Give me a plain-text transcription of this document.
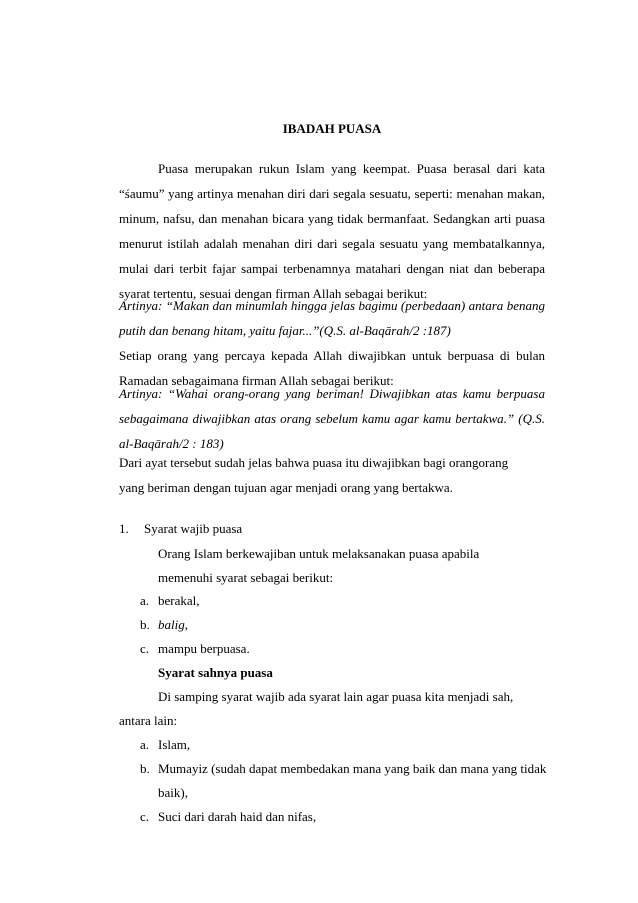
IBADAH PUASA
Puasa merupakan rukun Islam yang keempat. Puasa berasal dari kata
“śaumu” yang artinya menahan diri dari segala sesuatu, seperti: menahan makan,
minum, nafsu, dan menahan bicara yang tidak bermanfaat. Sedangkan arti puasa
menurut istilah adalah menahan diri dari segala sesuatu yang membatalkannya,
mulai dari terbit fajar sampai terbenamnya matahari dengan niat dan beberapa
syarat tertentu, sesuai dengan firman Allah sebagai berikut:
Artinya: “Makan dan minumlah hingga jelas bagimu (perbedaan) antara benang
putih dan benang hitam, yaitu fajar...”(Q.S. al-Baqārah/2 :187)
Setiap orang yang percaya kepada Allah diwajibkan untuk berpuasa di bulan
Ramadan sebagaimana firman Allah sebagai berikut:
Artinya: “Wahai orang-orang yang beriman! Diwajibkan atas kamu berpuasa
sebagaimana diwajibkan atas orang sebelum kamu agar kamu bertakwa.” (Q.S.
al-Baqārah/2 : 183)
Dari ayat tersebut sudah jelas bahwa puasa itu diwajibkan bagi orangorang
yang beriman dengan tujuan agar menjadi orang yang bertakwa.
1. Syarat wajib puasa
Orang Islam berkewajiban untuk melaksanakan puasa apabila
memenuhi syarat sebagai berikut:
a. berakal,
b. balig,
c. mampu berpuasa.
Syarat sahnya puasa
Di samping syarat wajib ada syarat lain agar puasa kita menjadi sah,
antara lain:
a. Islam,
b. Mumayiz (sudah dapat membedakan mana yang baik dan mana yang tidak
baik),
c. Suci dari darah haid dan nifas,
